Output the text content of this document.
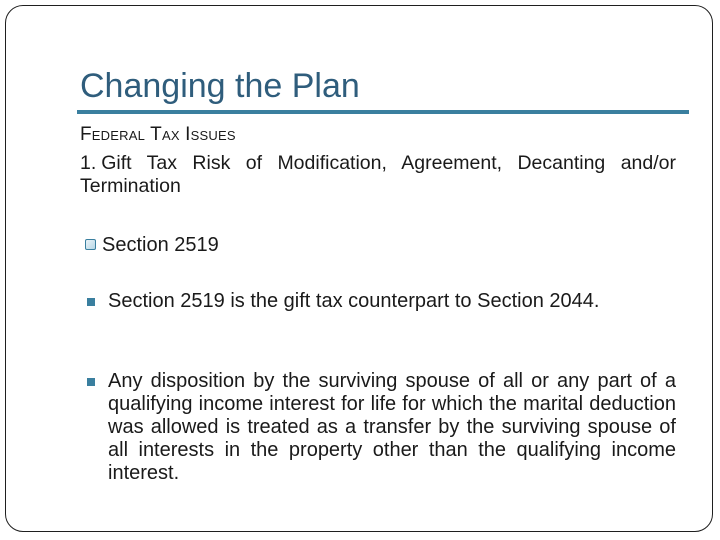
Changing the Plan
Federal Tax Issues
1. Gift Tax Risk of Modification, Agreement, Decanting and/or Termination
Section 2519
Section 2519 is the gift tax counterpart to Section 2044.
Any disposition by the surviving spouse of all or any part of a qualifying income interest for life for which the marital deduction was allowed is treated as a transfer by the surviving spouse of all interests in the property other than the qualifying income interest.
